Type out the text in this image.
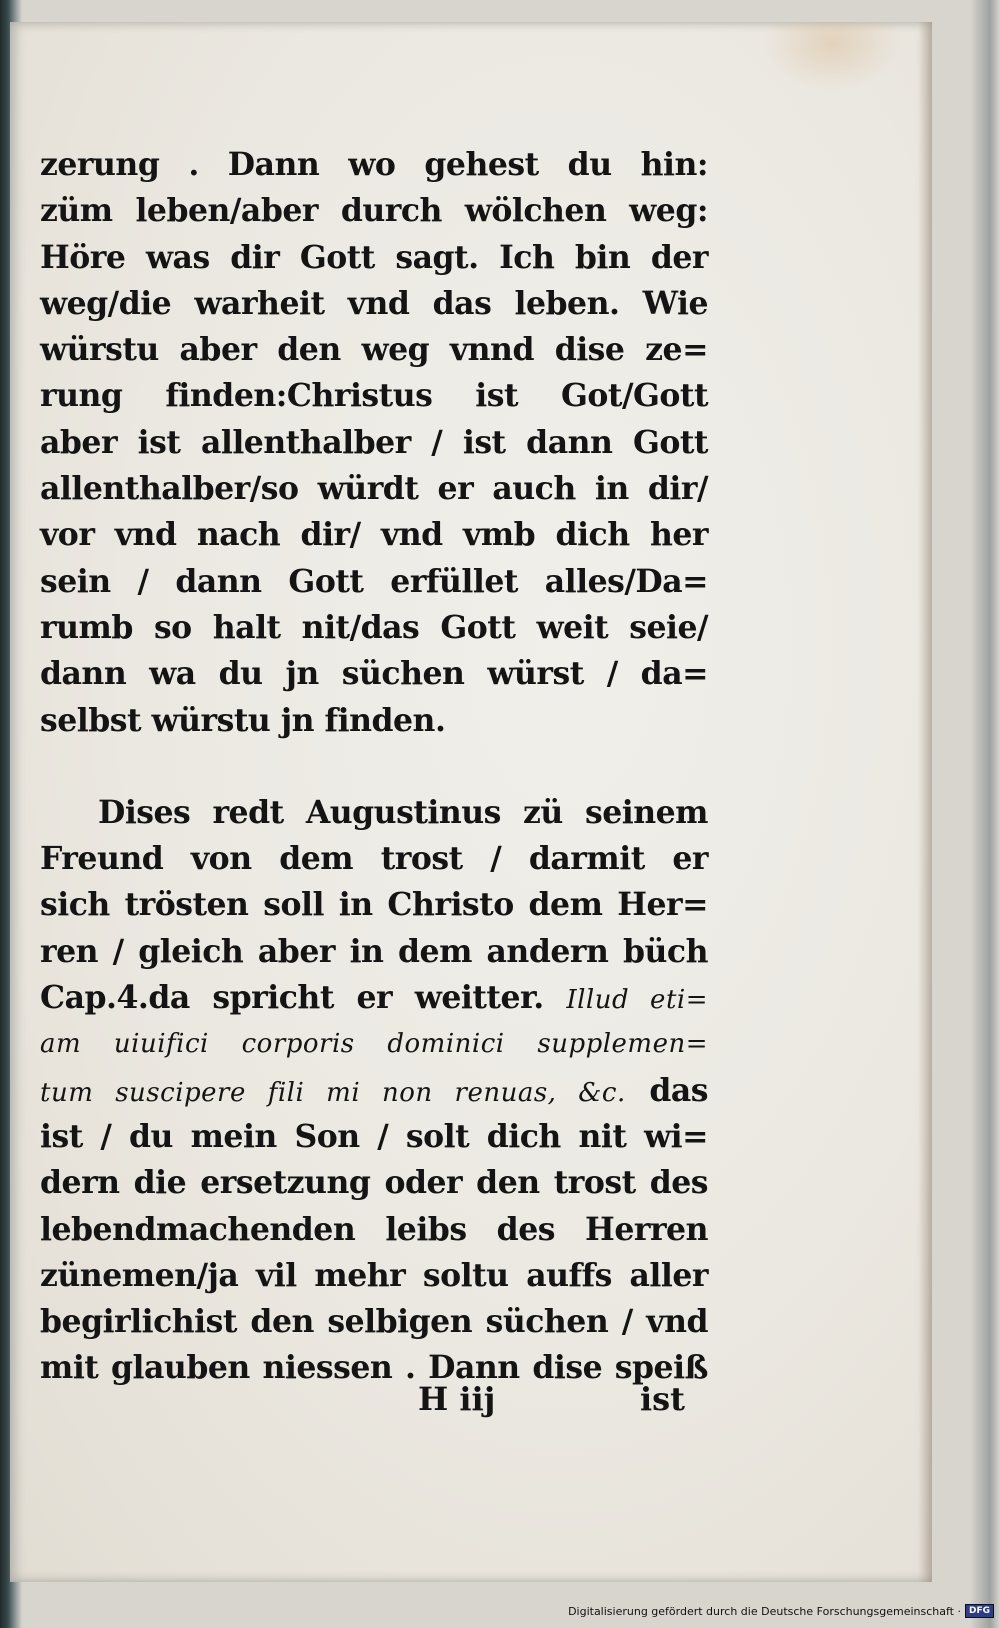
zerung . Dann wo gehest du hin:
züm leben/aber durch wölchen weg:
Höre was dir Gott sagt. Ich bin der
weg/die warheit vnd das leben. Wie
würstu aber den weg vnnd dise ze=
rung finden:Christus ist Got/Gott
aber ist allenthalber / ist dann Gott
allenthalber/so würdt er auch in dir/
vor vnd nach dir/ vnd vmb dich her
sein / dann Gott erfüllet alles/Da=
rumb so halt nit/das Gott weit seie/
dann wa du jn süchen würst / da=
selbst würstu jn finden.
Dises redt Augustinus zü seinem
Freund von dem trost / darmit er
sich trösten soll in Christo dem Her=
ren / gleich aber in dem andern büch
Cap.4.da spricht er weitter. Illud eti=
am uiuifici corporis dominici supplemen=
tum suscipere fili mi non renuas, &c. das
ist / du mein Son / solt dich nit wi=
dern die ersetzung oder den trost des
lebendmachenden leibs des Herren
zünemen/ja vil mehr soltu auffs aller
begirlichist den selbigen süchen / vnd
mit glauben niessen . Dann dise speiß
H iij	ist
Digitalisierung gefördert durch die Deutsche Forschungsgemeinschaft · DFG
